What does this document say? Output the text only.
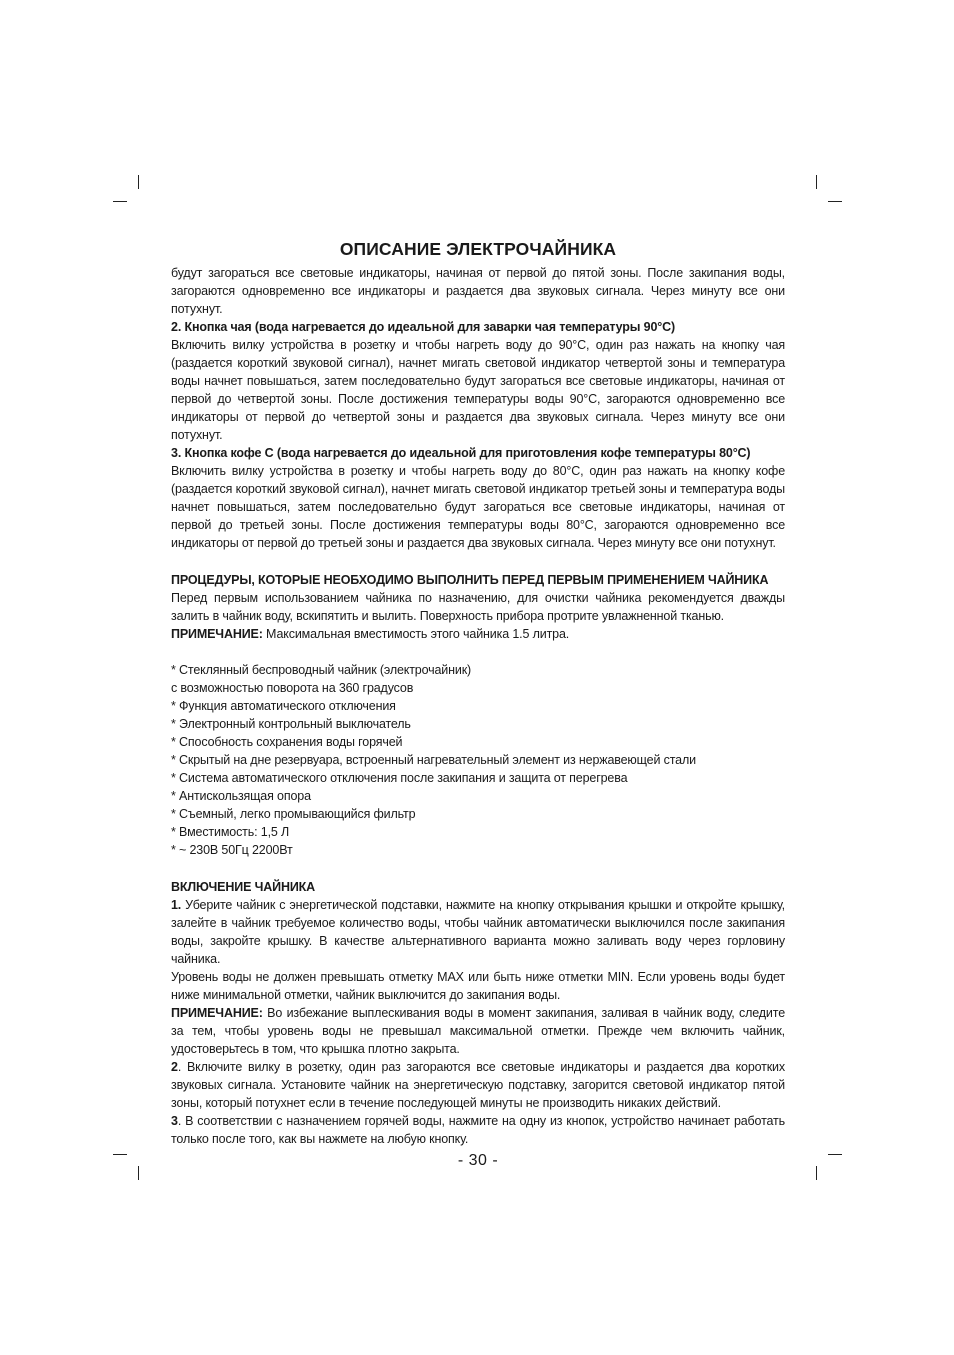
ОПИСАНИЕ ЭЛЕКТРОЧАЙНИКА

будут загораться все световые индикаторы, начиная от первой до пятой зоны. После закипания воды, загораются одновременно все индикаторы и раздается два звуковых сигнала. Через минуту все они потухнут.

2. Кнопка чая (вода нагревается до идеальной для заварки чая температуры 90°С)

Включить вилку устройства в розетку и чтобы нагреть воду до 90°С, один раз нажать на кнопку чая (раздается короткий звуковой сигнал), начнет мигать световой индикатор четвертой зоны и температура воды начнет повышаться, затем последовательно будут загораться все световые индикаторы, начиная от первой до четвертой зоны. После достижения температуры воды 90°С, загораются одновременно все индикаторы от первой до четвертой зоны и раздается два звуковых сигнала. Через минуту все они потухнут.

3. Кнопка кофе С (вода нагревается до идеальной для приготовления кофе температуры 80°С)

Включить вилку устройства в розетку и чтобы нагреть воду до 80°С, один раз нажать на кнопку кофе (раздается короткий звуковой сигнал), начнет мигать световой индикатор третьей зоны и температура воды начнет повышаться, затем последовательно будут загораться все световые индикаторы, начиная от первой до третьей зоны. После достижения температуры воды 80°С, загораются одновременно все индикаторы от первой до третьей зоны и раздается два звуковых сигнала. Через минуту все они потухнут.

ПРОЦЕДУРЫ, КОТОРЫЕ НЕОБХОДИМО ВЫПОЛНИТЬ ПЕРЕД ПЕРВЫМ ПРИМЕНЕНИЕМ ЧАЙНИКА

Перед первым использованием чайника по назначению, для очистки чайника рекомендуется дважды залить в чайник воду, вскипятить и вылить. Поверхность прибора протрите увлажненной тканью.

ПРИМЕЧАНИЕ: Максимальная вместимость этого чайника 1.5 литра.

* Стеклянный беспроводный чайник (электрочайник)
с возможностью поворота на 360 градусов
* Функция автоматического отключения
* Электронный контрольный выключатель
* Способность сохранения воды горячей
* Скрытый на дне резервуара, встроенный нагревательный элемент из нержавеющей стали
* Система автоматического отключения после закипания и защита от перегрева
* Антискользящая опора
* Съемный, легко промывающийся фильтр
* Вместимость: 1,5 Л
* ~ 230В 50Гц 2200Вт

ВКЛЮЧЕНИЕ ЧАЙНИКА

1. Уберите чайник с энергетической подставки, нажмите на кнопку открывания крышки и откройте крышку, залейте в чайник требуемое количество воды, чтобы чайник автоматически выключился после закипания воды, закройте крышку. В качестве альтернативного варианта можно заливать воду через горловину чайника.

Уровень воды не должен превышать отметку MAX или быть ниже отметки MIN. Если уровень воды будет ниже минимальной отметки, чайник выключится до закипания воды.

ПРИМЕЧАНИЕ: Во избежание выплескивания воды в момент закипания, заливая в чайник воду, следите за тем, чтобы уровень воды не превышал максимальной отметки. Прежде чем включить чайник, удостоверьтесь в том, что крышка плотно закрыта.

2. Включите вилку в розетку, один раз загораются все световые индикаторы и раздается два коротких звуковых сигнала. Установите чайник на энергетическую подставку, загорится световой индикатор пятой зоны, который потухнет если в течение последующей минуты не производить никаких действий.

3. В соответствии с назначением горячей воды, нажмите на одну из кнопок, устройство начинает работать только после того, как вы нажмете на любую кнопку.

- 30 -
